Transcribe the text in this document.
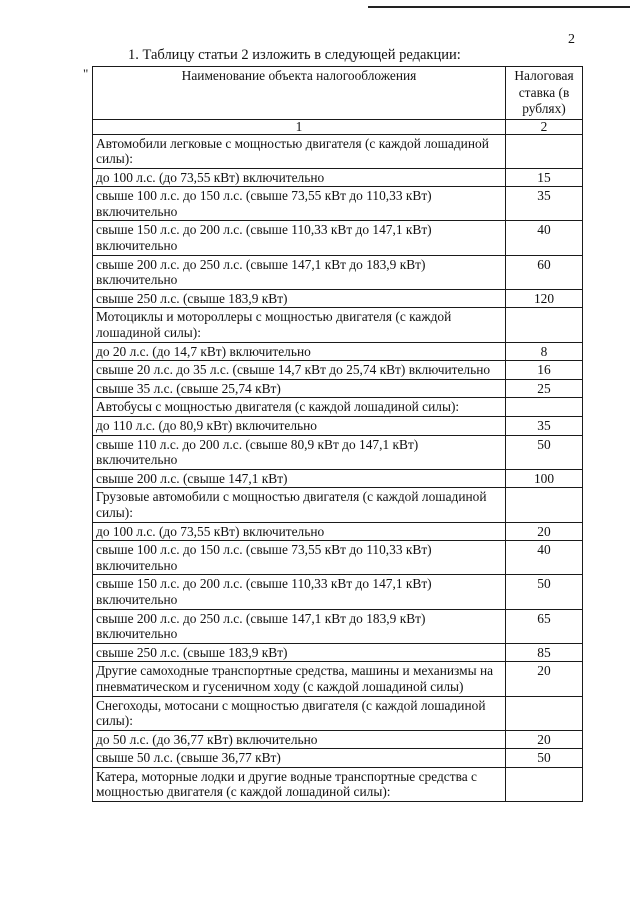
2
1. Таблицу статьи 2 изложить в следующей редакции:
"	Наименование объекта налогообложения	Налоговая ставка (в рублях)
1	2
Автомобили легковые с мощностью двигателя (с каждой лошадиной силы):	
до 100 л.с. (до 73,55 кВт) включительно	15
свыше 100 л.с. до 150 л.с. (свыше 73,55 кВт до 110,33 кВт) включительно	35
свыше 150 л.с. до 200 л.с. (свыше 110,33 кВт до 147,1 кВт) включительно	40
свыше 200 л.с. до 250 л.с. (свыше 147,1 кВт до 183,9 кВт) включительно	60
свыше 250 л.с. (свыше 183,9 кВт)	120
Мотоциклы и мотороллеры с мощностью двигателя (с каждой лошадиной силы):	
до 20 л.с. (до 14,7 кВт) включительно	8
свыше 20 л.с. до 35 л.с. (свыше 14,7 кВт до 25,74 кВт) включительно	16
свыше 35 л.с. (свыше 25,74 кВт)	25
Автобусы с мощностью двигателя (с каждой лошадиной силы):	
до 110 л.с. (до 80,9 кВт) включительно	35
свыше 110 л.с. до 200 л.с. (свыше 80,9 кВт до 147,1 кВт) включительно	50
свыше 200 л.с. (свыше 147,1 кВт)	100
Грузовые автомобили с мощностью двигателя (с каждой лошадиной силы):	
до 100 л.с. (до 73,55 кВт) включительно	20
свыше 100 л.с. до 150 л.с. (свыше 73,55 кВт до 110,33 кВт) включительно	40
свыше 150 л.с. до 200 л.с. (свыше 110,33 кВт до 147,1 кВт) включительно	50
свыше 200 л.с. до 250 л.с. (свыше 147,1 кВт до 183,9 кВт) включительно	65
свыше 250 л.с. (свыше 183,9 кВт)	85
Другие самоходные транспортные средства, машины и механизмы на пневматическом и гусеничном ходу (с каждой лошадиной силы)	20
Снегоходы, мотосани с мощностью двигателя (с каждой лошадиной силы):	
до 50 л.с. (до 36,77 кВт) включительно	20
свыше 50 л.с. (свыше 36,77 кВт)	50
Катера, моторные лодки и другие водные транспортные средства с мощностью двигателя (с каждой лошадиной силы):	
